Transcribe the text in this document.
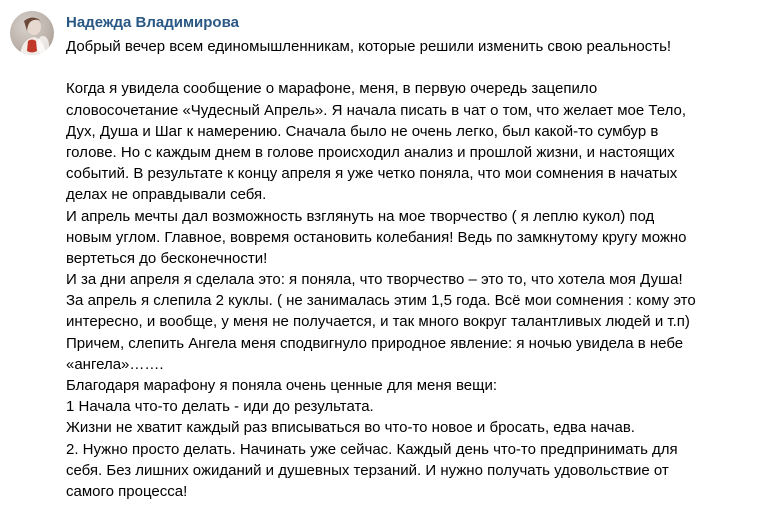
Надежда Владимирова
Добрый вечер всем единомышленникам, которые решили изменить свою реальность!
Когда я увидела сообщение о марафоне, меня, в первую очередь зацепило
словосочетание «Чудесный Апрель». Я начала писать в чат о том, что желает мое Тело,
Дух, Душа и Шаг к намерению. Сначала было не очень легко, был какой-то сумбур в
голове. Но с каждым днем в голове происходил анализ и прошлой жизни, и настоящих
событий. В результате к концу апреля я уже четко поняла, что мои сомнения в начатых
делах не оправдывали себя.
И апрель мечты дал возможность взглянуть на мое творчество ( я леплю кукол) под
новым углом. Главное, вовремя остановить колебания! Ведь по замкнутому кругу можно
вертеться до бесконечности!
И за дни апреля я сделала это: я поняла, что творчество – это то, что хотела моя Душа!
За апрель я слепила 2 куклы. ( не занималась этим 1,5 года. Всё мои сомнения : кому это
интересно, и вообще, у меня не получается, и так много вокруг талантливых людей и т.п)
Причем, слепить Ангела меня сподвигнуло природное явление: я ночью увидела в небе
«ангела»…….
Благодаря марафону я поняла очень ценные для меня вещи:
1 Начала что-то делать - иди до результата.
Жизни не хватит каждый раз вписываться во что-то новое и бросать, едва начав.
2. Нужно просто делать. Начинать уже сейчас. Каждый день что-то предпринимать для
себя. Без лишних ожиданий и душевных терзаний. И нужно получать удовольствие от
самого процесса!
